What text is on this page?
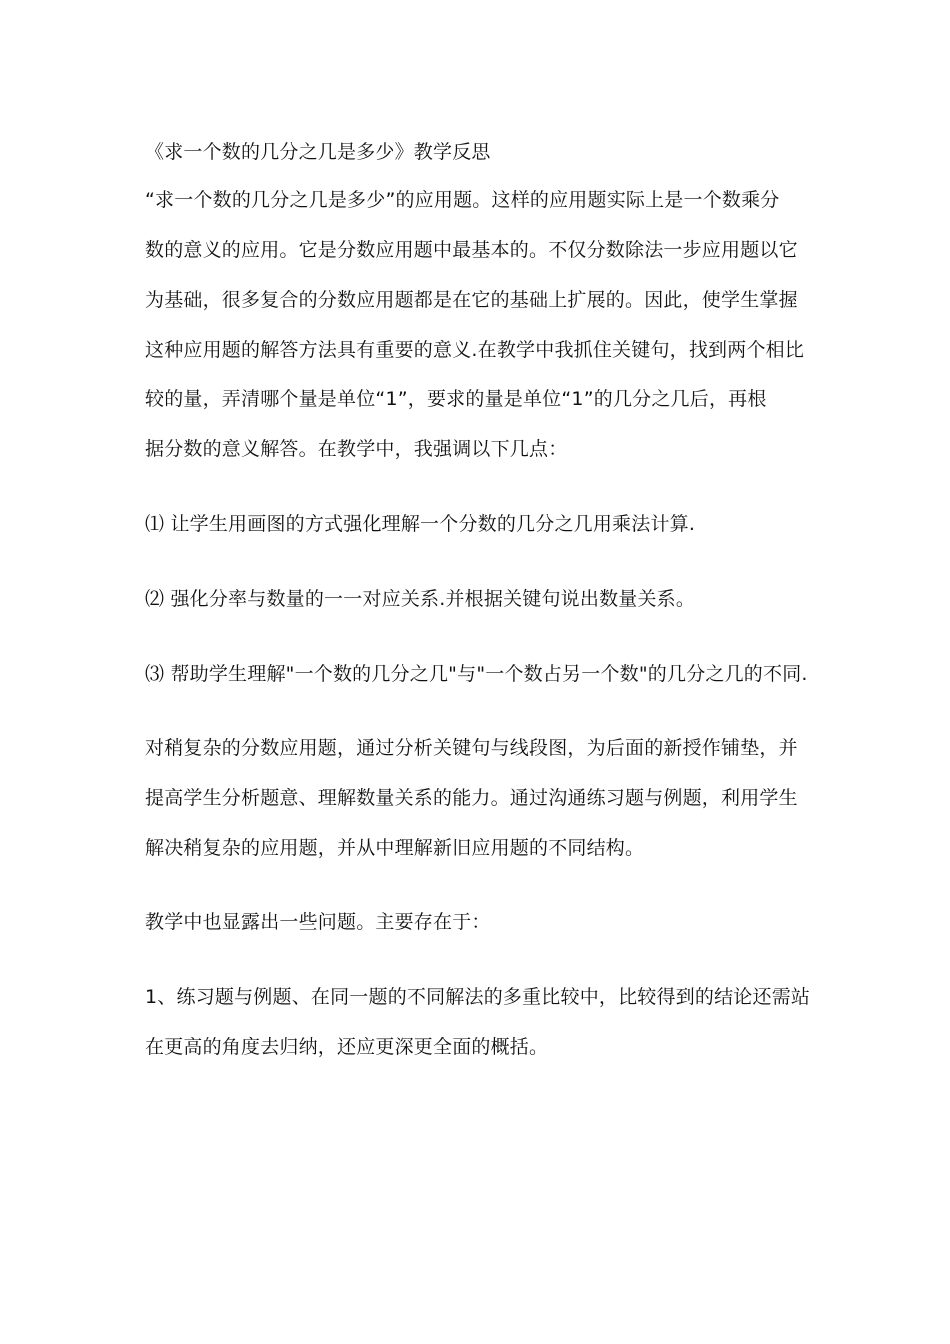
《求一个数的几分之几是多少》教学反思
“求一个数的几分之几是多少”的应用题。这样的应用题实际上是一个数乘分
数的意义的应用。它是分数应用题中最基本的。不仅分数除法一步应用题以它
为基础，很多复合的分数应用题都是在它的基础上扩展的。因此，使学生掌握
这种应用题的解答方法具有重要的意义.在教学中我抓住关键句，找到两个相比
较的量，弄清哪个量是单位“1”，要求的量是单位“1”的几分之几后，再根
据分数的意义解答。在教学中，我强调以下几点：
⑴ 让学生用画图的方式强化理解一个分数的几分之几用乘法计算.
⑵ 强化分率与数量的一一对应关系.并根据关键句说出数量关系。
⑶ 帮助学生理解"一个数的几分之几"与"一个数占另一个数"的几分之几的不同.
对稍复杂的分数应用题，通过分析关键句与线段图，为后面的新授作铺垫，并
提高学生分析题意、理解数量关系的能力。通过沟通练习题与例题，利用学生
解决稍复杂的应用题，并从中理解新旧应用题的不同结构。
教学中也显露出一些问题。主要存在于：
1、练习题与例题、在同一题的不同解法的多重比较中，比较得到的结论还需站
在更高的角度去归纳，还应更深更全面的概括。
